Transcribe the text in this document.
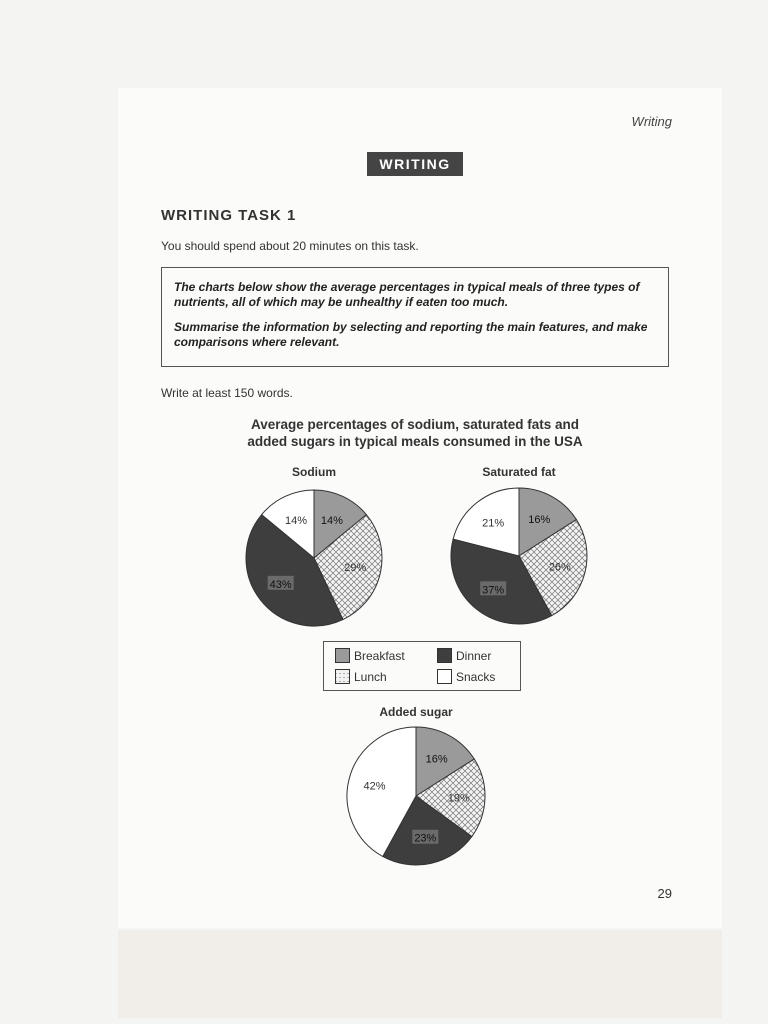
Writing
WRITING
WRITING TASK 1
You should spend about 20 minutes on this task.

The charts below show the average percentages in typical meals of three types of nutrients, all of which may be unhealthy if eaten too much.

Summarise the information by selecting and reporting the main features, and make comparisons where relevant.

Write at least 150 words.
Average percentages of sodium, saturated fats and
added sugars in typical meals consumed in the USA
Sodium
14%
29%
43%
14%
Saturated fat
16%
26%
37%
21%
Added sugar
16%
19%
23%
42%
Breakfast	Dinner
Lunch	Snacks
29
